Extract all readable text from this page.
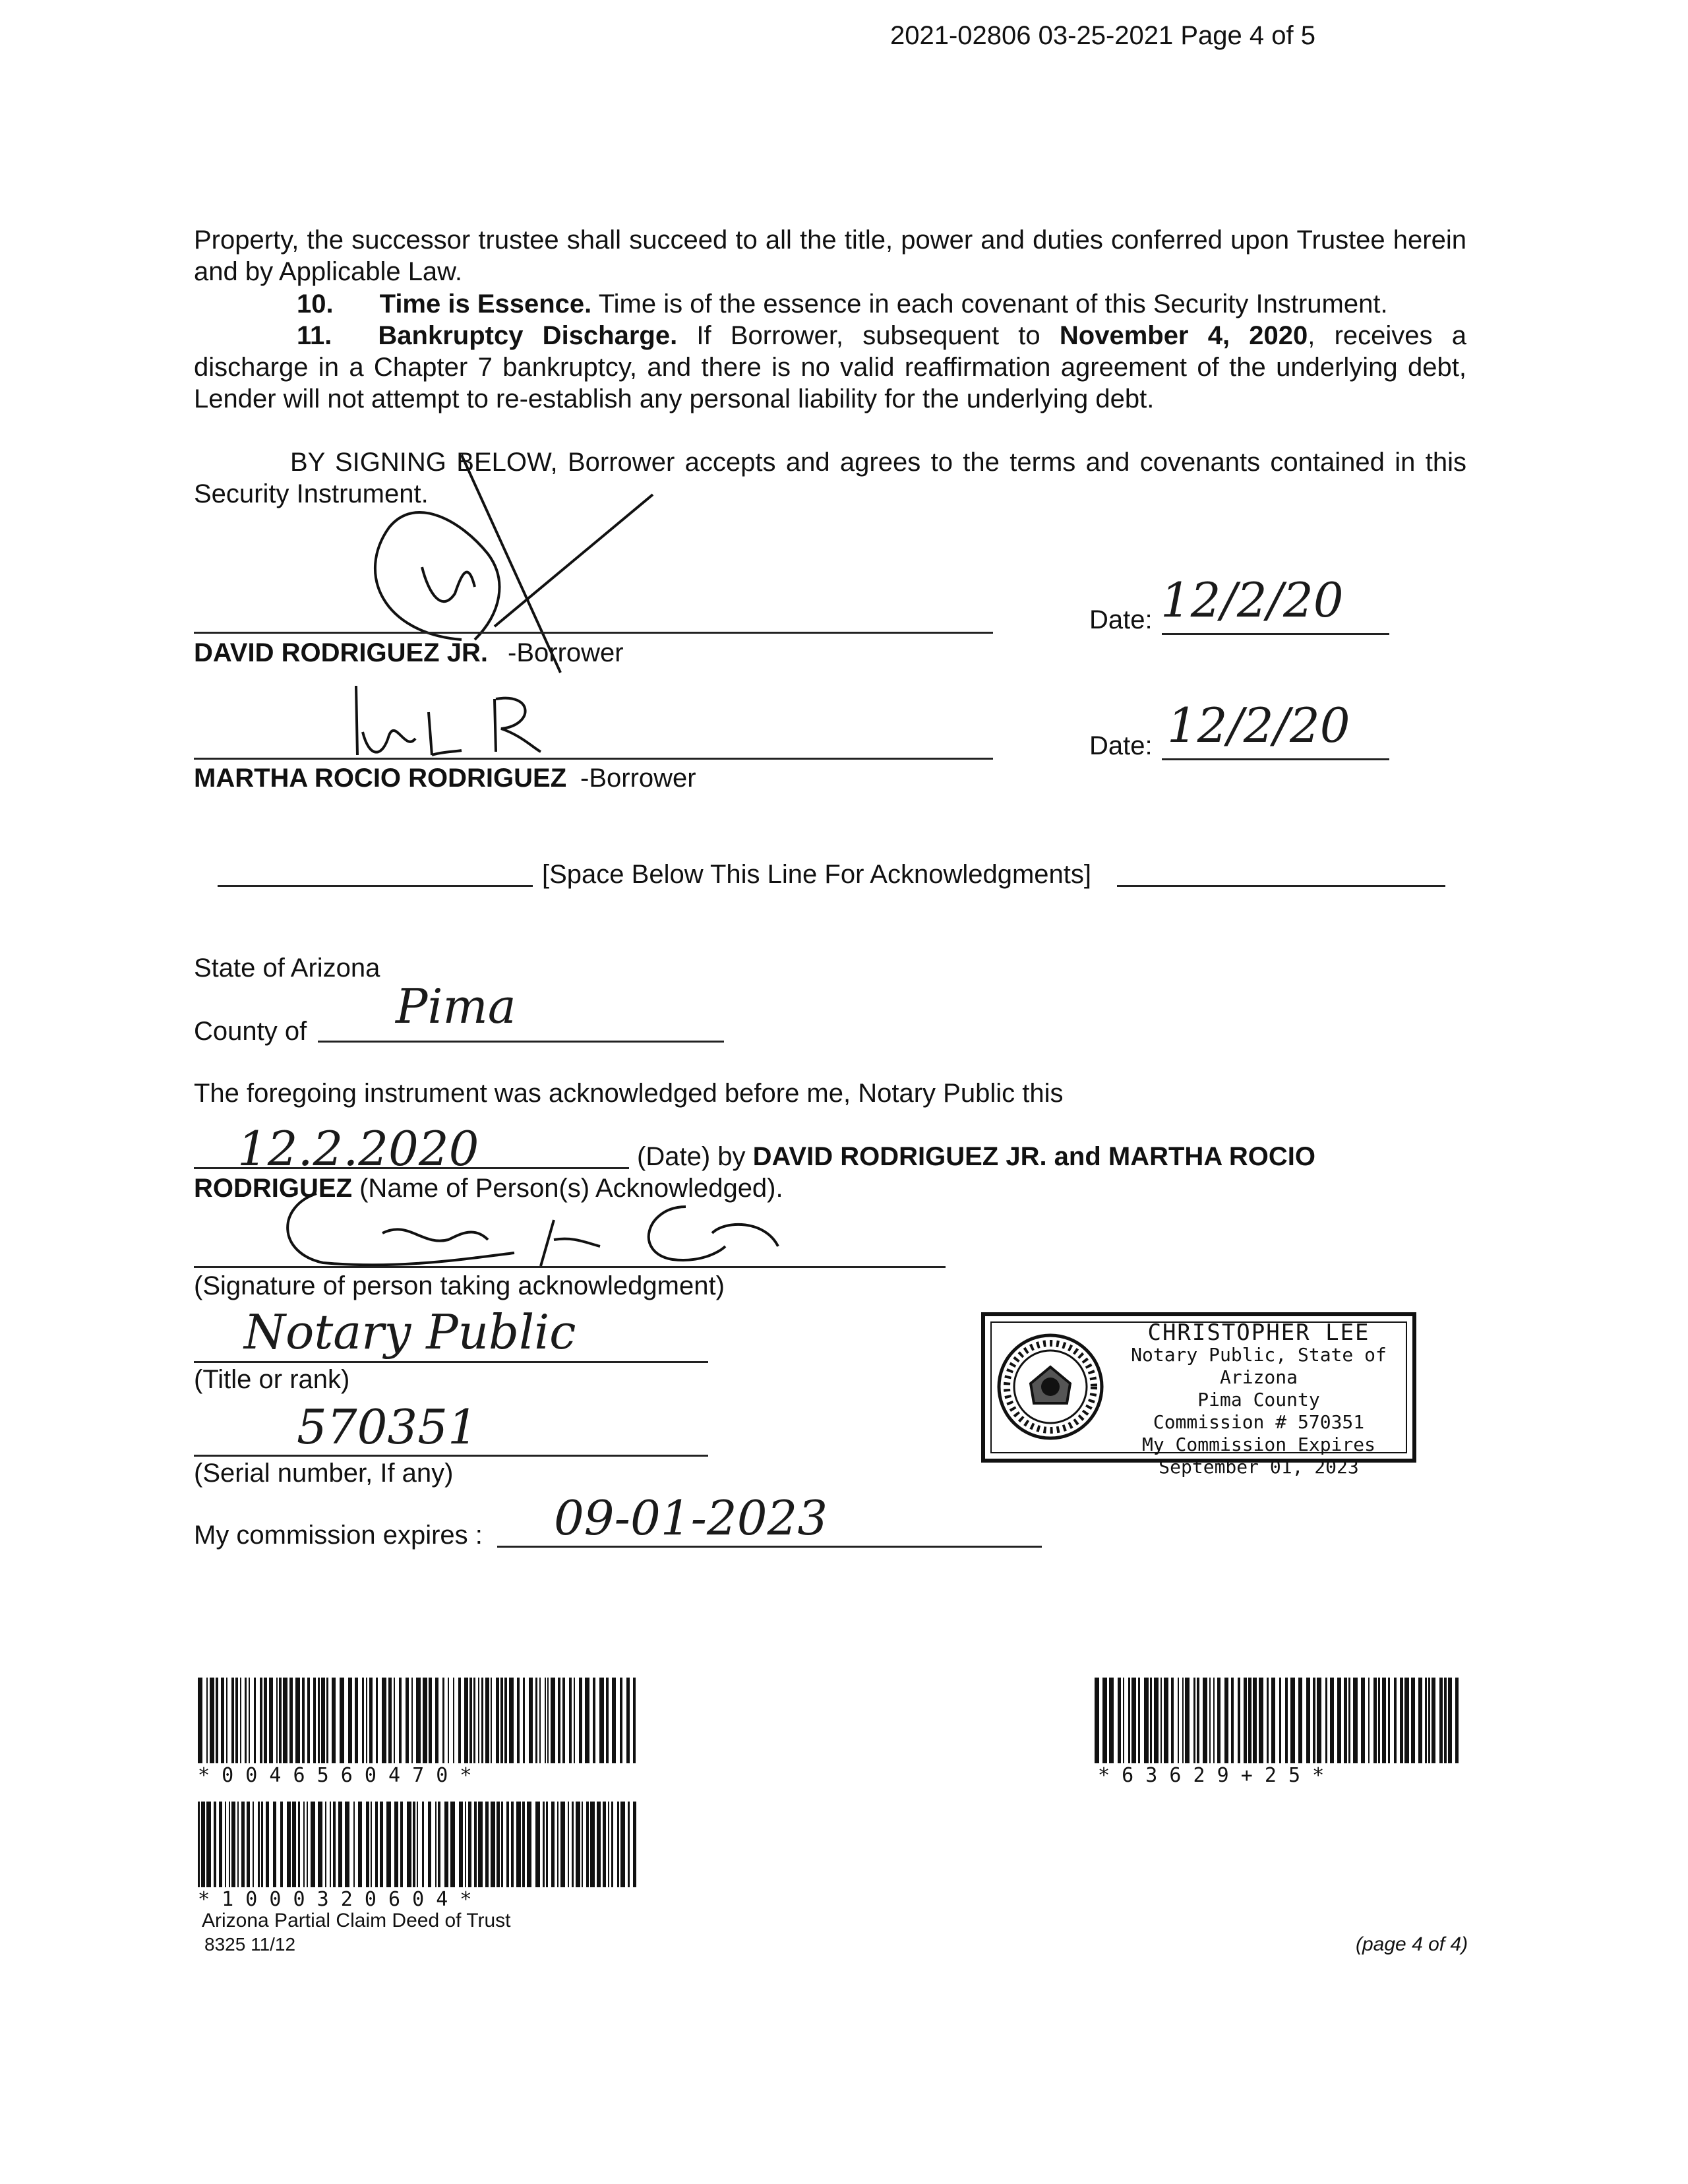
2021-02806 03-25-2021 Page 4 of 5
Property, the successor trustee shall succeed to all the title, power and duties conferred upon Trustee herein and by Applicable Law.
10. Time is Essence. Time is of the essence in each covenant of this Security Instrument.
11. Bankruptcy Discharge. If Borrower, subsequent to November 4, 2020, receives a discharge in a Chapter 7 bankruptcy, and there is no valid reaffirmation agreement of the underlying debt, Lender will not attempt to re-establish any personal liability for the underlying debt.
BY SIGNING BELOW, Borrower accepts and agrees to the terms and covenants contained in this Security Instrument.
DAVID RODRIGUEZ JR. -Borrower
Date: 12/2/20
MARTHA ROCIO RODRIGUEZ -Borrower
Date: 12/2/20
[Space Below This Line For Acknowledgments]
State of Arizona
County of Pima
The foregoing instrument was acknowledged before me, Notary Public this
12.2.2020	(Date) by DAVID RODRIGUEZ JR. and MARTHA ROCIO
RODRIGUEZ (Name of Person(s) Acknowledged).
(Signature of person taking acknowledgment)
Notary Public
(Title or rank)
570351
(Serial number, If any)
My commission expires : 09-01-2023
CHRISTOPHER LEE
Notary Public, State of Arizona
Pima County
Commission # 570351
My Commission Expires
September 01, 2023
* 0 0 4 6 5 6 0 4 7 0 *
* 1 0 0 0 3 2 0 6 0 4 *
* 6 3 6 2 9 + 2 5 *
Arizona Partial Claim Deed of Trust
8325 11/12	(page 4 of 4)
